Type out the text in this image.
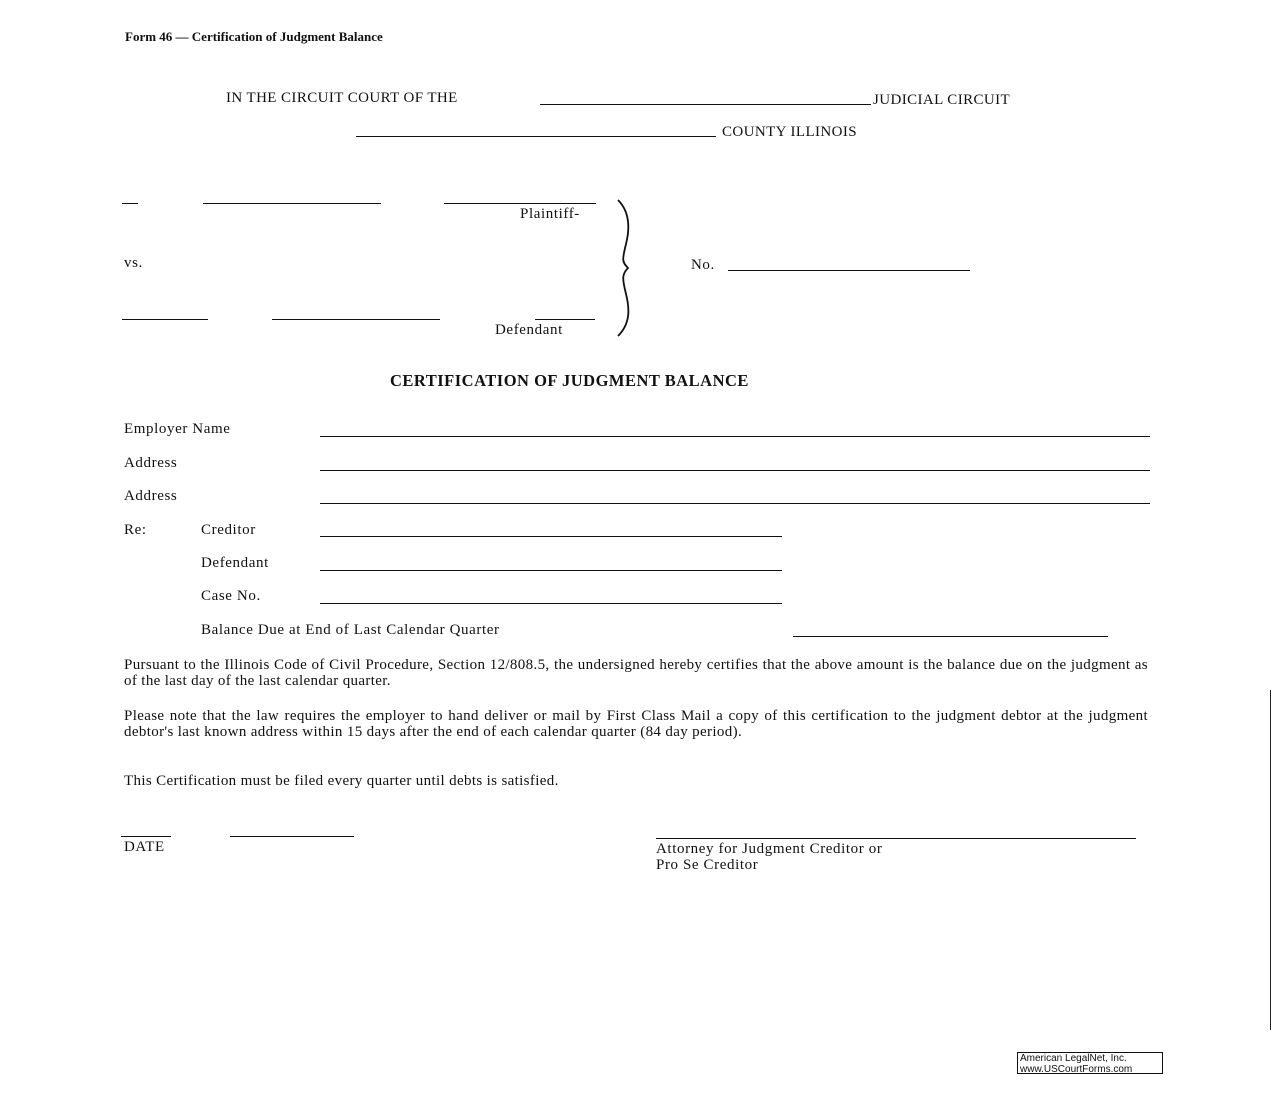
Form 46 — Certification of Judgment Balance
IN THE CIRCUIT COURT OF THE	JUDICIAL CIRCUIT
COUNTY ILLINOIS
Plaintiff-
vs.
Defendant
No.
CERTIFICATION OF JUDGMENT BALANCE
Employer Name
Address
Address
Re:	Creditor
Defendant
Case No.
Balance Due at End of Last Calendar Quarter

Pursuant to the Illinois Code of Civil Procedure, Section 12/808.5, the undersigned hereby certifies that the above amount is the balance due on the judgment as of the last day of the last calendar quarter.

Please note that the law requires the employer to hand deliver or mail by First Class Mail a copy of this certification to the judgment debtor at the judgment debtor's last known address within 15 days after the end of each calendar quarter (84 day period).

This Certification must be filed every quarter until debts is satisfied.

DATE	Attorney for Judgment Creditor or
Pro Se Creditor
American LegalNet, Inc.
www.USCourtForms.com
